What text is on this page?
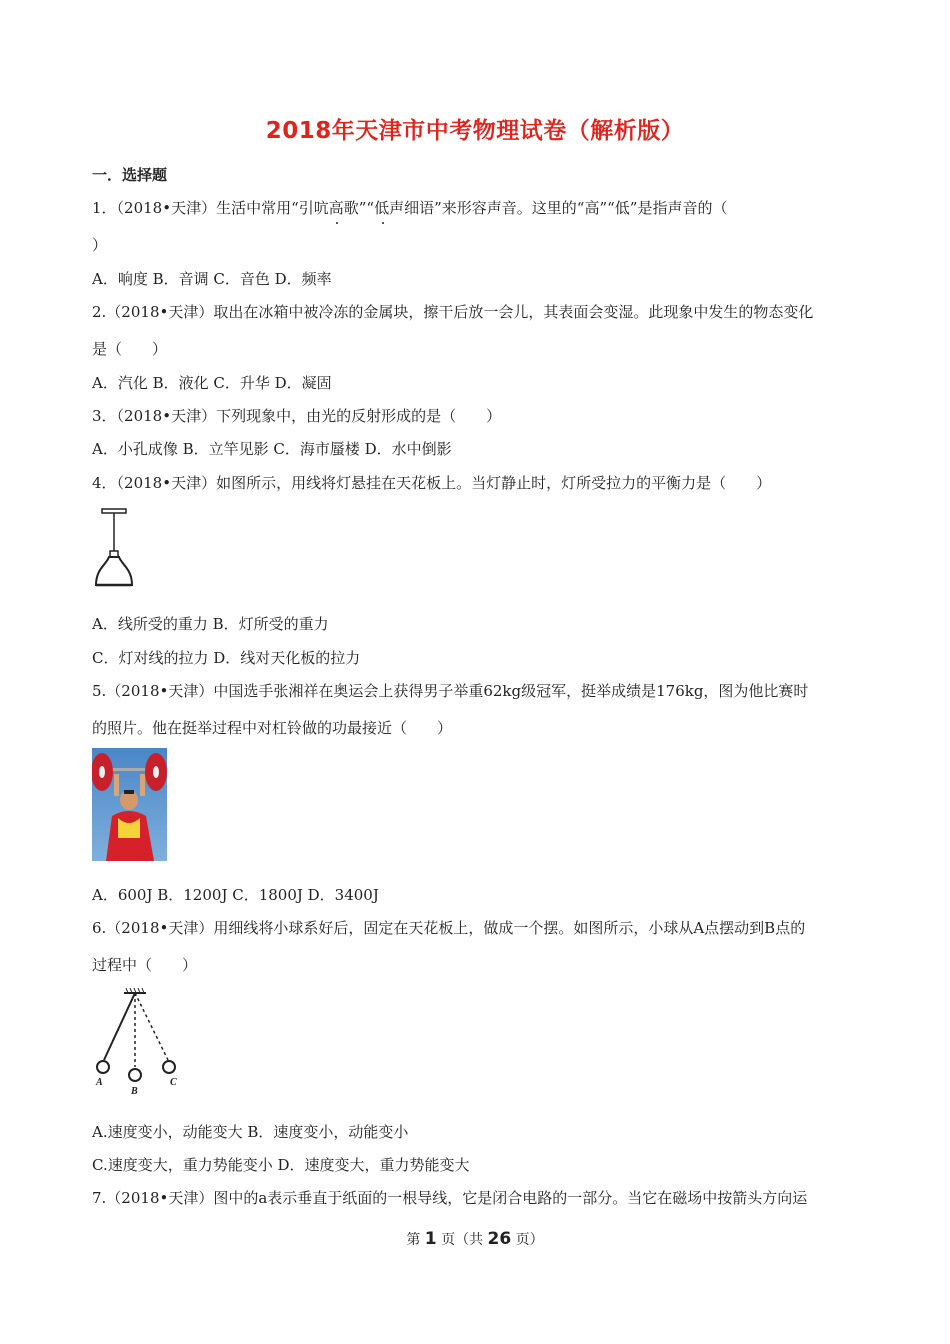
2018年天津市中考物理试卷（解析版）
一．选择题
1．（2018•天津）生活中常用“引吭高歌”“低声细语”来形容声音。这里的“高”“低”是指声音的（
）
A．响度 B．音调 C．音色 D．频率
2.（2018•天津）取出在冰箱中被冷冻的金属块，擦干后放一会儿，其表面会变湿。此现象中发生的物态变化
是（　　）
A．汽化 B．液化 C．升华 D．凝固
3．（2018•天津）下列现象中，由光的反射形成的是（　　）
A．小孔成像 B．立竿见影 C．海市蜃楼 D．水中倒影
4．（2018•天津）如图所示，用线将灯悬挂在天花板上。当灯静止时，灯所受拉力的平衡力是（　　）
A．线所受的重力 B．灯所受的重力
C．灯对线的拉力 D．线对天化板的拉力
5.（2018•天津）中国选手张湘祥在奥运会上获得男子举重62kg级冠军，挺举成绩是176kg，图为他比赛时
的照片。他在挺举过程中对杠铃做的功最接近（　　）
A．600J B．1200J C．1800J D．3400J
6.（2018•天津）用细线将小球系好后，固定在天花板上，做成一个摆。如图所示，小球从A点摆动到B点的
过程中（　　）
A
B
C
A.速度变小，动能变大 B．速度变小，动能变小
C.速度变大，重力势能变小 D．速度变大，重力势能变大
7.（2018•天津）图中的a表示垂直于纸面的一根导线，它是闭合电路的一部分。当它在磁场中按箭头方向运
第 1 页（共 26 页）
